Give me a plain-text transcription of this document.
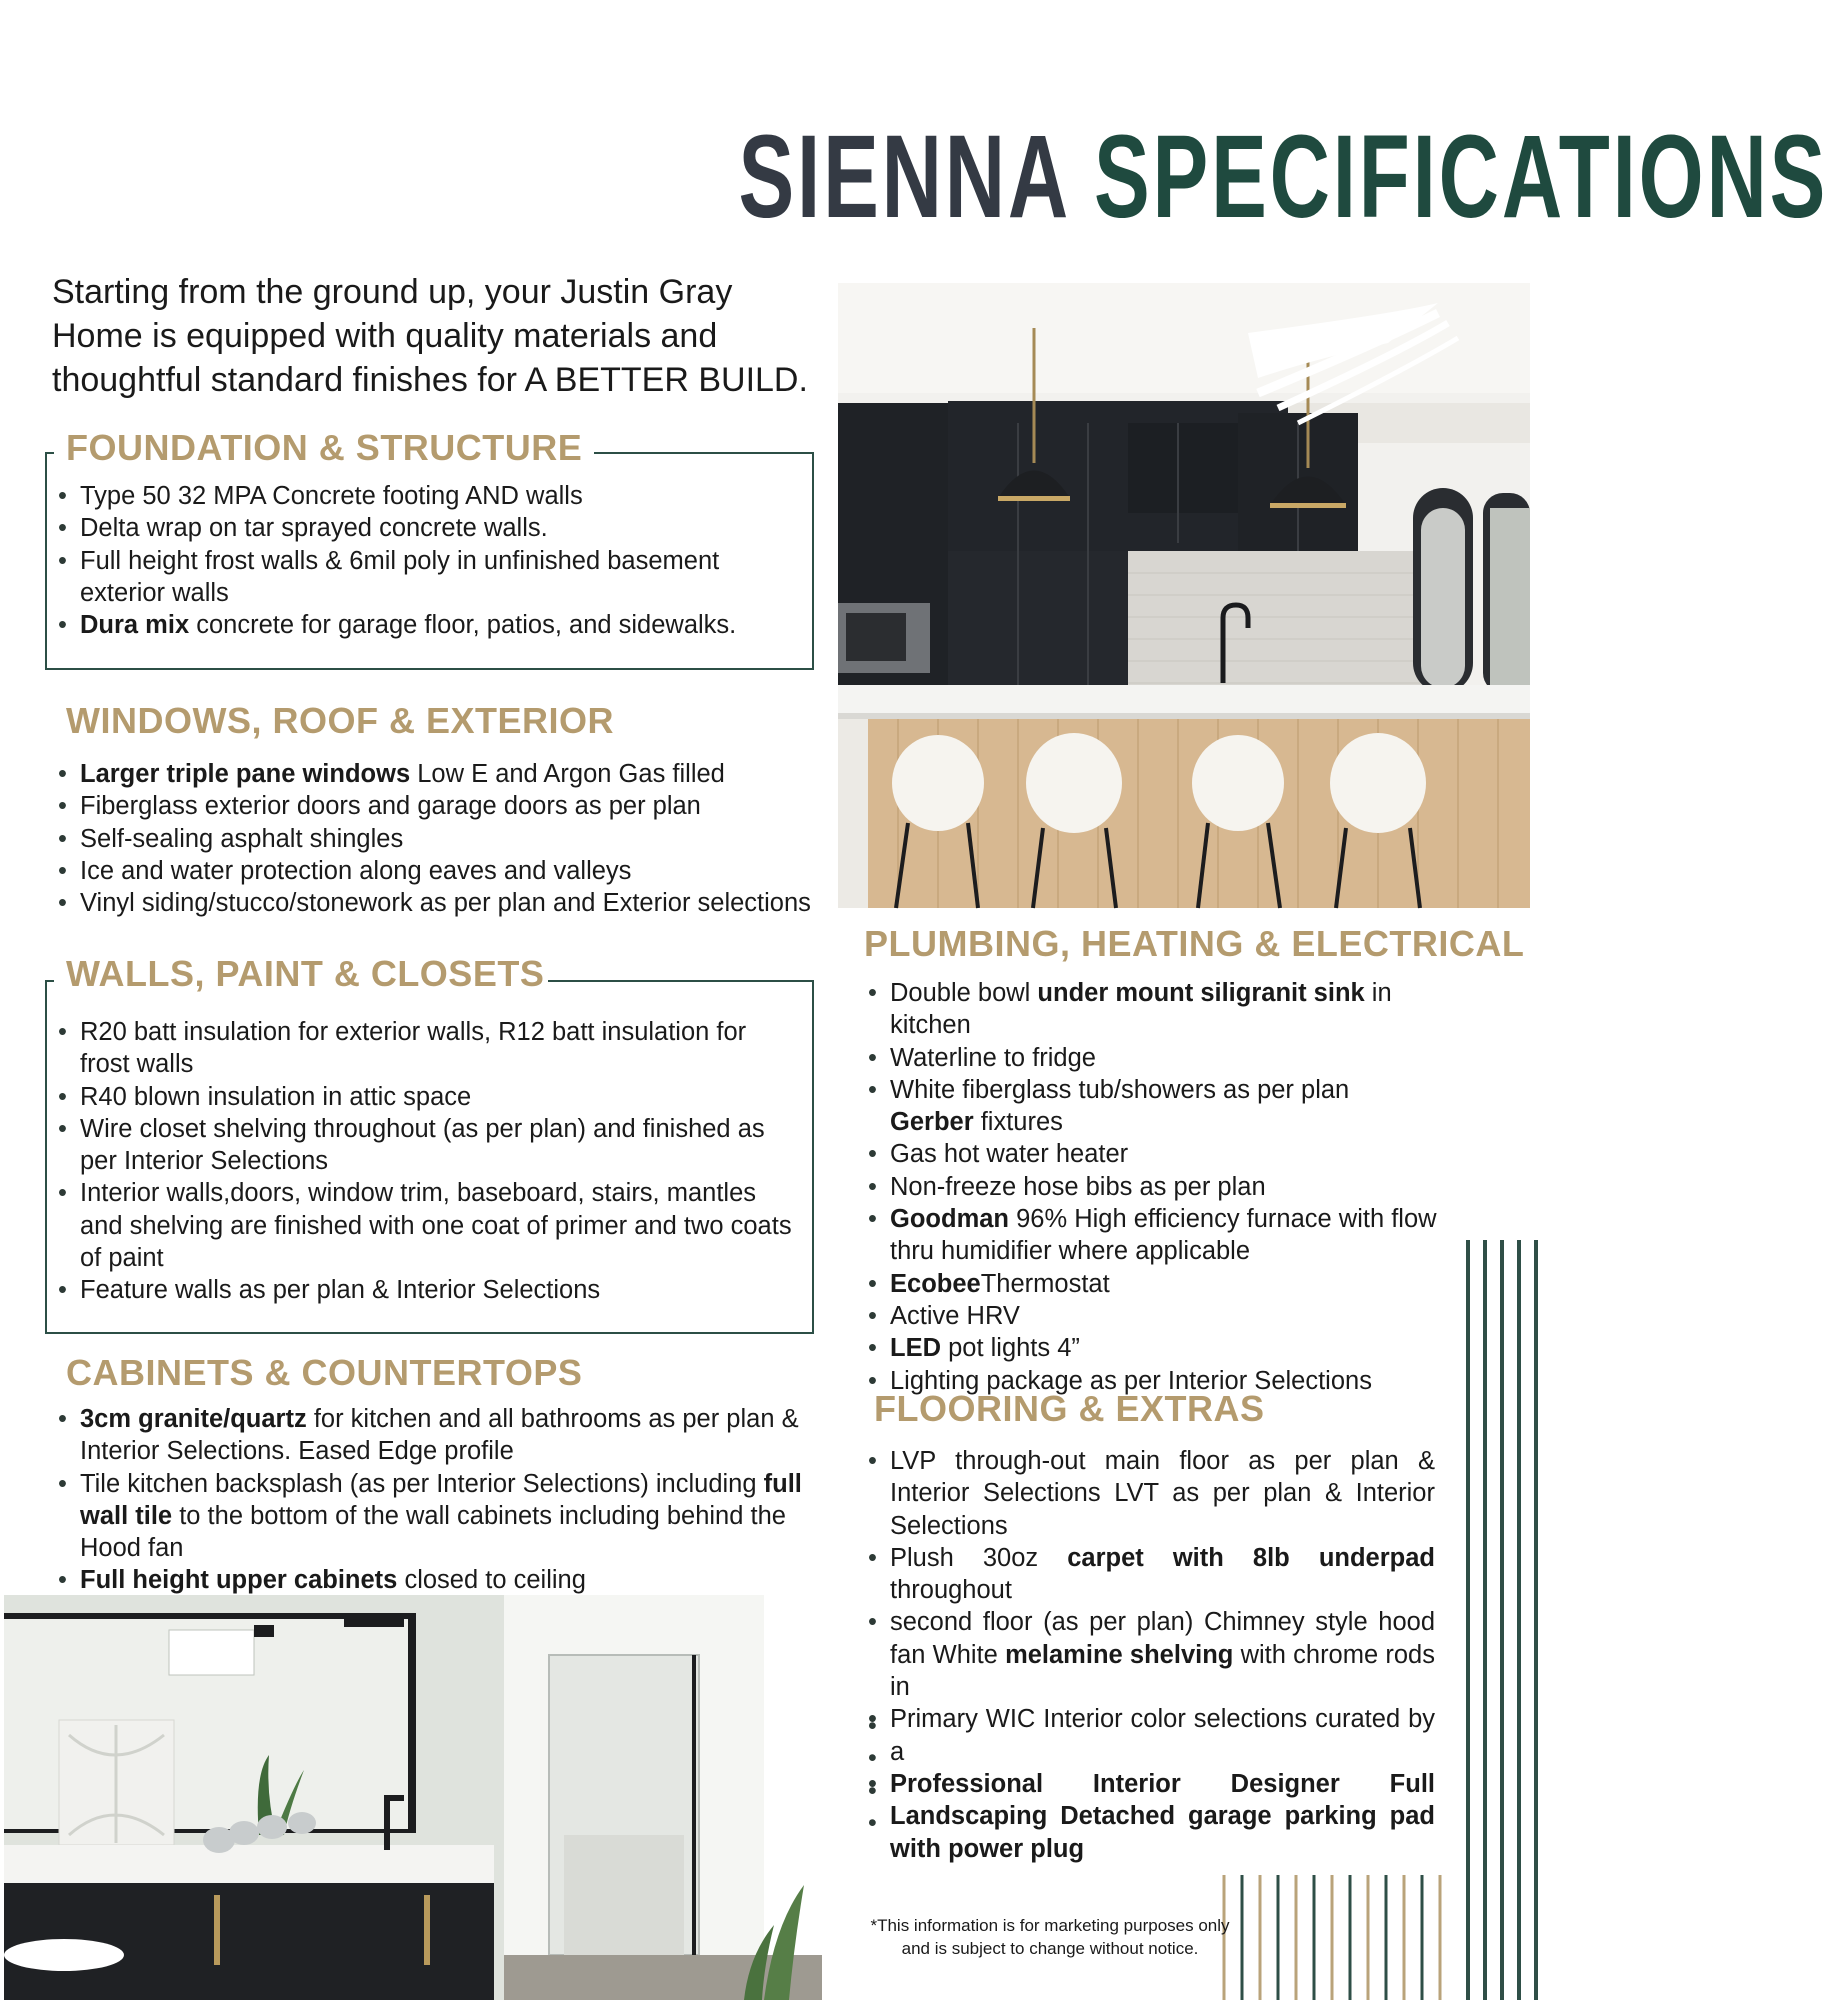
SIENNA SPECIFICATIONS
Starting from the ground up, your Justin Gray Home is equipped with quality materials and thoughtful standard finishes for A BETTER BUILD.
FOUNDATION & STRUCTURE
• Type 50 32 MPA Concrete footing AND walls
• Delta wrap on tar sprayed concrete walls.
• Full height frost walls & 6mil poly in unfinished basement exterior walls
• Dura mix concrete for garage floor, patios, and sidewalks.
WINDOWS, ROOF & EXTERIOR
• Larger triple pane windows Low E and Argon Gas filled
• Fiberglass exterior doors and garage doors as per plan
• Self-sealing asphalt shingles
• Ice and water protection along eaves and valleys
• Vinyl siding/stucco/stonework as per plan and Exterior selections
WALLS, PAINT & CLOSETS
• R20 batt insulation for exterior walls, R12 batt insulation for frost walls
• R40 blown insulation in attic space
• Wire closet shelving throughout (as per plan) and finished as per Interior Selections
• Interior walls,doors, window trim, baseboard, stairs, mantles and shelving are finished with one coat of primer and two coats of paint
• Feature walls as per plan & Interior Selections
CABINETS & COUNTERTOPS
• 3cm granite/quartz for kitchen and all bathrooms as per plan & Interior Selections. Eased Edge profile
• Tile kitchen backsplash (as per Interior Selections) including full wall tile to the bottom of the wall cabinets including behind the Hood fan
• Full height upper cabinets closed to ceiling
PLUMBING, HEATING & ELECTRICAL
• Double bowl under mount siligranit sink in kitchen
• Waterline to fridge
• White fiberglass tub/showers as per plan
Gerber fixtures
• Gas hot water heater
• Non-freeze hose bibs as per plan
• Goodman 96% High efficiency furnace with flow thru humidifier where applicable
• EcobeeThermostat
• Active HRV
• LED pot lights 4”
• Lighting package as per Interior Selections
FLOORING & EXTRAS
• LVP through-out main floor as per plan & Interior Selections LVT as per plan & Interior Selections
• Plush 30oz carpet with 8lb underpad throughout
• second floor (as per plan) Chimney style hood fan White melamine shelving with chrome rods in
• Primary WIC Interior color selections curated by a
• Professional Interior Designer Full Landscaping Detached garage parking pad with power plug
•
•
•
•
*This information is for marketing purposes only and is subject to change without notice.
